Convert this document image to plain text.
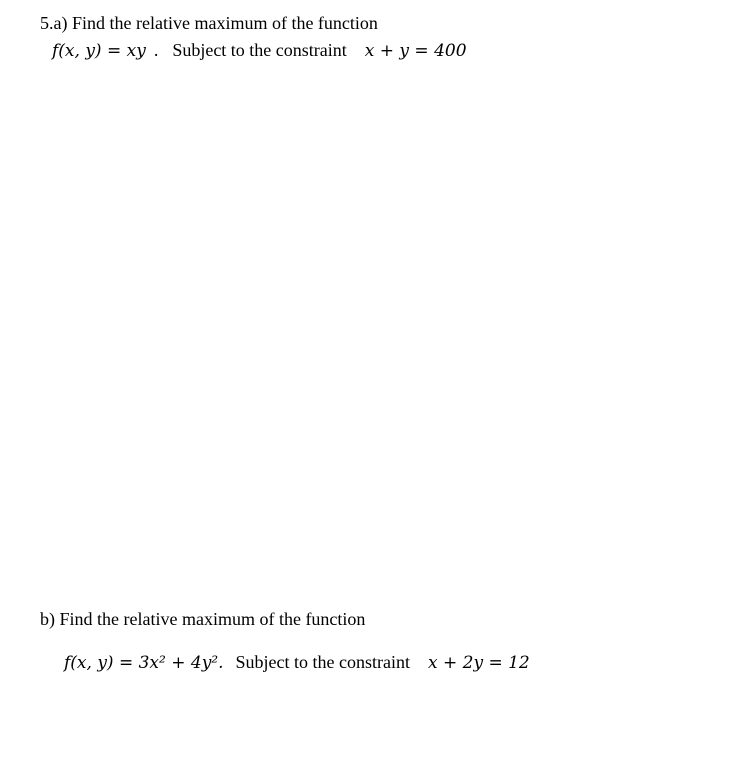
5.a) Find the relative maximum of the function
f(x, y) = xy . Subject to the constraint x + y = 400
b) Find the relative maximum of the function
f(x, y) = 3x² + 4y². Subject to the constraint x + 2y = 12
